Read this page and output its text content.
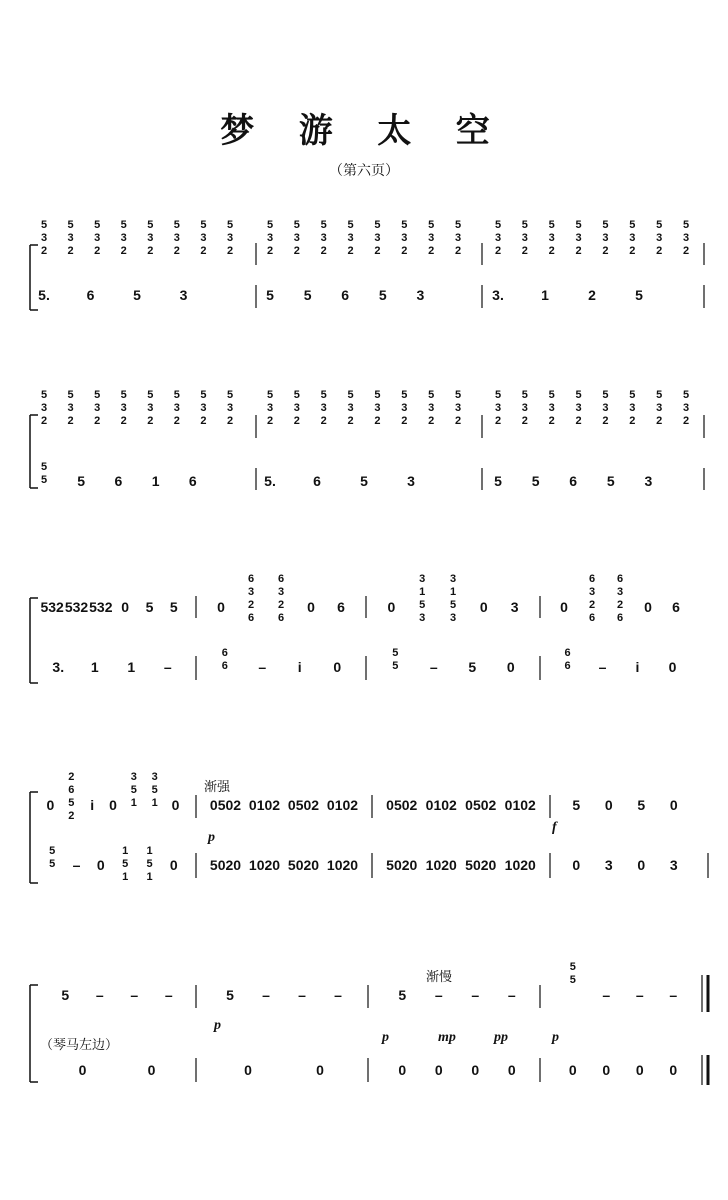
梦 游 太 空
（第六页）
5
3
2
5
3
2
5
3
2
5
3
2
5
3
2
5
3
2
5
3
2
5
3
2
5.	6	5	3
5
3
2
5
3
2
5
3
2
5
3
2
5
3
2
5
3
2
5
3
2
5
3
2
5 5 6 5 3
5
3
2
5
3
2
5
3
2
5
3
2
5
3
2
5
3
2
5
3
2
5
3
2
3.	1	2	5
5
3
2
5
3
2
5
3
2
5
3
2
5
3
2
5
3
2
5
3
2
5
3
2
5
5 5 6 1 6
5
3
2
5
3
2
5
3
2
5
3
2
5
3
2
5
3
2
5
3
2
5
3
2
5.	6	5	3
5
3
2
5
3
2
5
3
2
5
3
2
5
3
2
5
3
2
5
3
2
5
3
2
5 5 6 5 3
532 532 532 0 5 5	0
6
3
2
6
6
3
2
6
0 6	0
3
1
5
3
3
1
5
3
0 3	0
6
3
2
6
6
3
2
6
0 6
3. 1 1 –
6
6 – i 0
5
5 – 5 0
6
6 – i 0
0
2
6
5
2
i 0
3
5
1
3
5
1 0 0502 0102 0502 0102 0502 0102 0502 0102	5 0 5 0
5
5 – 0
1
5
1
1
5
1
0 5020 1020 5020 1020 5020 1020 5020 1020	0 3 0 3
5 – – –	5 – – –	5 – – –
5
5
– – –
0	0	0	0	0 0 0 0	0 0 0 0
渐强
渐慢
（琴马左边）
p
f
p
p	mp	pp	p
